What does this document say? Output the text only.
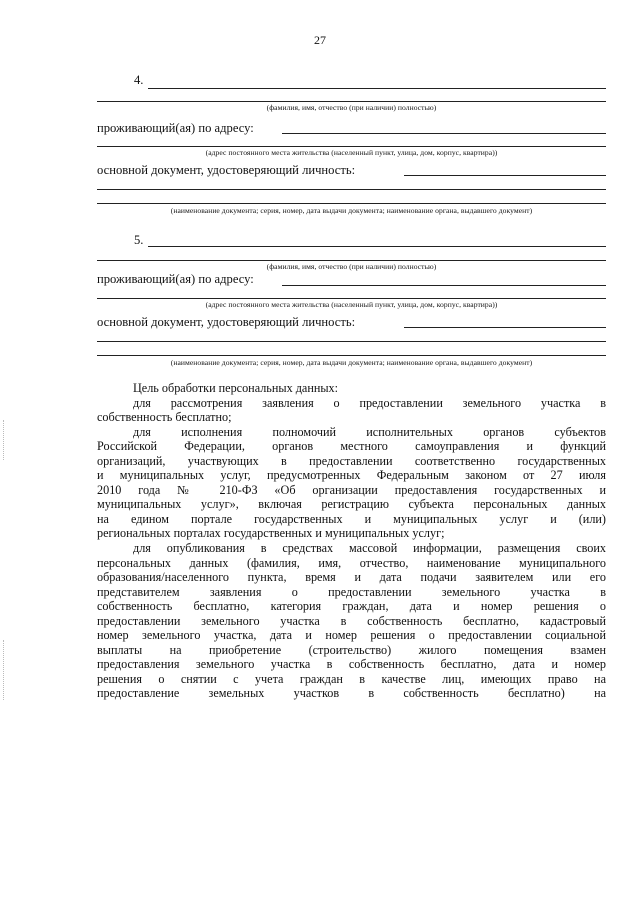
27
4.
(фамилия, имя, отчество (при наличии) полностью)
проживающий(ая) по адресу:
(адрес постоянного места жительства (населенный пункт, улица, дом, корпус, квартира))
основной документ, удостоверяющий личность:
(наименование документа; серия, номер, дата выдачи документа; наименование органа, выдавшего документ)
5.
(фамилия, имя, отчество (при наличии) полностью)
проживающий(ая) по адресу:
(адрес постоянного места жительства (населенный пункт, улица, дом, корпус, квартира))
основной документ, удостоверяющий личность:
(наименование документа; серия, номер, дата выдачи документа; наименование органа, выдавшего документ)
Цель обработки персональных данных:
для рассмотрения заявления о предоставлении земельного участка в
собственность бесплатно;
для исполнения полномочий исполнительных органов субъектов
Российской Федерации, органов местного самоуправления и функций
организаций, участвующих в предоставлении соответственно государственных
и муниципальных услуг, предусмотренных Федеральным законом от 27 июля
2010 года № 210-ФЗ «Об организации предоставления государственных и
муниципальных услуг», включая регистрацию субъекта персональных данных
на едином портале государственных и муниципальных услуг и (или)
региональных порталах государственных и муниципальных услуг;
для опубликования в средствах массовой информации, размещения своих
персональных данных (фамилия, имя, отчество, наименование муниципального
образования/населенного пункта, время и дата подачи заявителем или его
представителем заявления о предоставлении земельного участка в
собственность бесплатно, категория граждан, дата и номер решения о
предоставлении земельного участка в собственность бесплатно, кадастровый
номер земельного участка, дата и номер решения о предоставлении социальной
выплаты на приобретение (строительство) жилого помещения взамен
предоставления земельного участка в собственность бесплатно, дата и номер
решения о снятии с учета граждан в качестве лиц, имеющих право на
предоставление земельных участков в собственность бесплатно) на
